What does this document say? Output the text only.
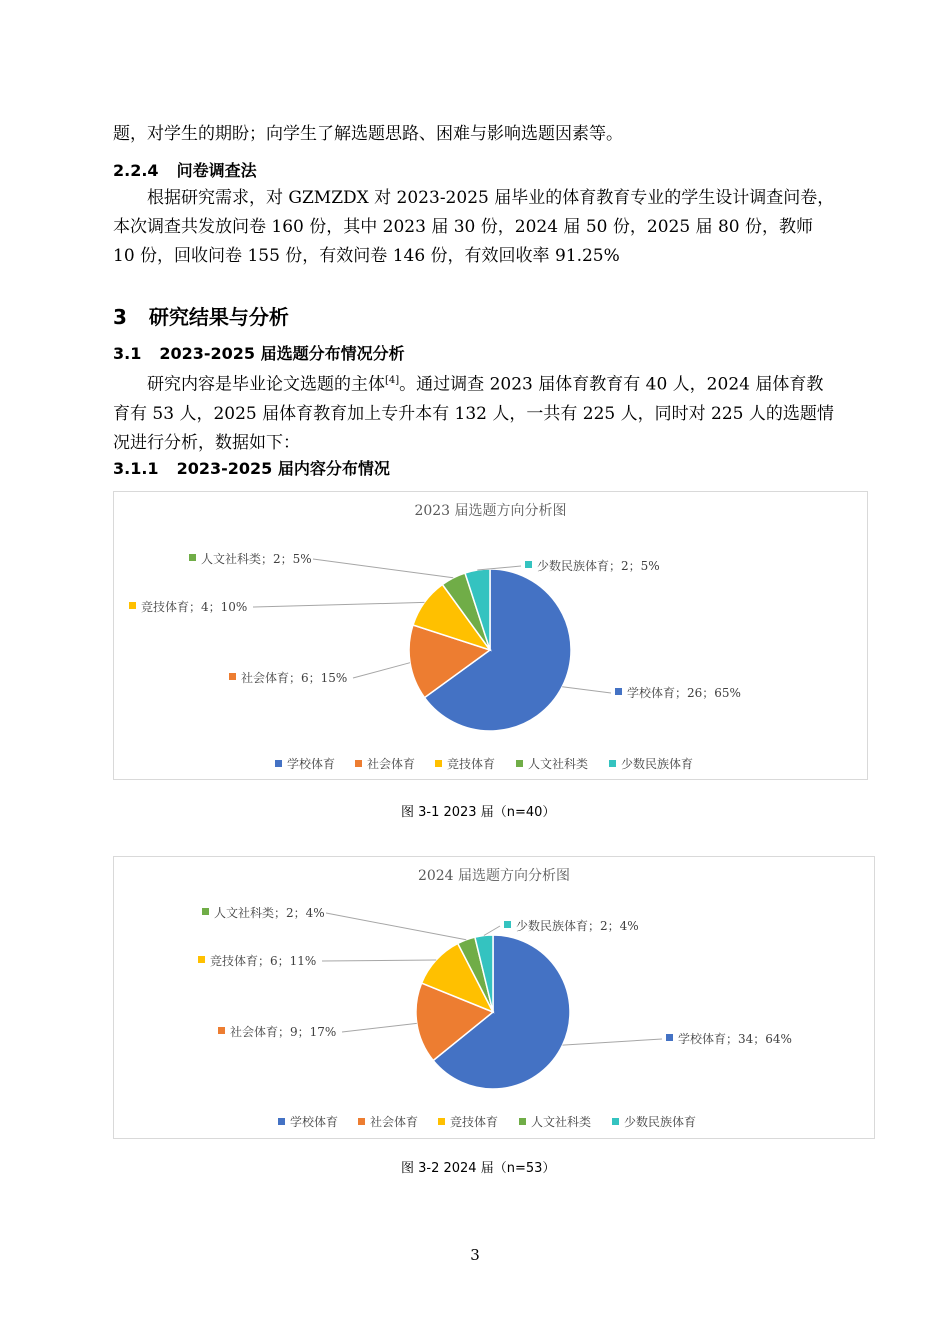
题，对学生的期盼；向学生了解选题思路、困难与影响选题因素等。

2.2.4 问卷调查法

根据研究需求，对 GZMZDX 对 2023-2025 届毕业的体育教育专业的学生设计调查问卷，本次调查共发放问卷 160 份，其中 2023 届 30 份，2024 届 50 份，2025 届 80 份，教师 10 份，回收问卷 155 份，有效问卷 146 份，有效回收率 91.25%

3 研究结果与分析
3.1 2023-2025 届选题分布情况分析

研究内容是毕业论文选题的主体[4]。通过调查 2023 届体育教育有 40 人，2024 届体育教育有 53 人，2025 届体育教育加上专升本有 132 人，一共有 225 人，同时对 225 人的选题情况进行分析，数据如下：

3.1.1 2023-2025 届内容分布情况
2023 届选题方向分析图
学校体育；26；65%
社会体育；6；15%
竞技体育；4；10%
人文社科类；2；5%	少数民族体育；2；5%
学校体育	社会体育	竞技体育	人文社科类	少数民族体育
图 3-1 2023 届（n=40）
2024 届选题方向分析图
学校体育；34；64%
社会体育；9；17%
竞技体育；6；11%
人文社科类；2；4%
少数民族体育；2；4%
学校体育	社会体育	竞技体育	人文社科类	少数民族体育
图 3-2 2024 届（n=53）
3
